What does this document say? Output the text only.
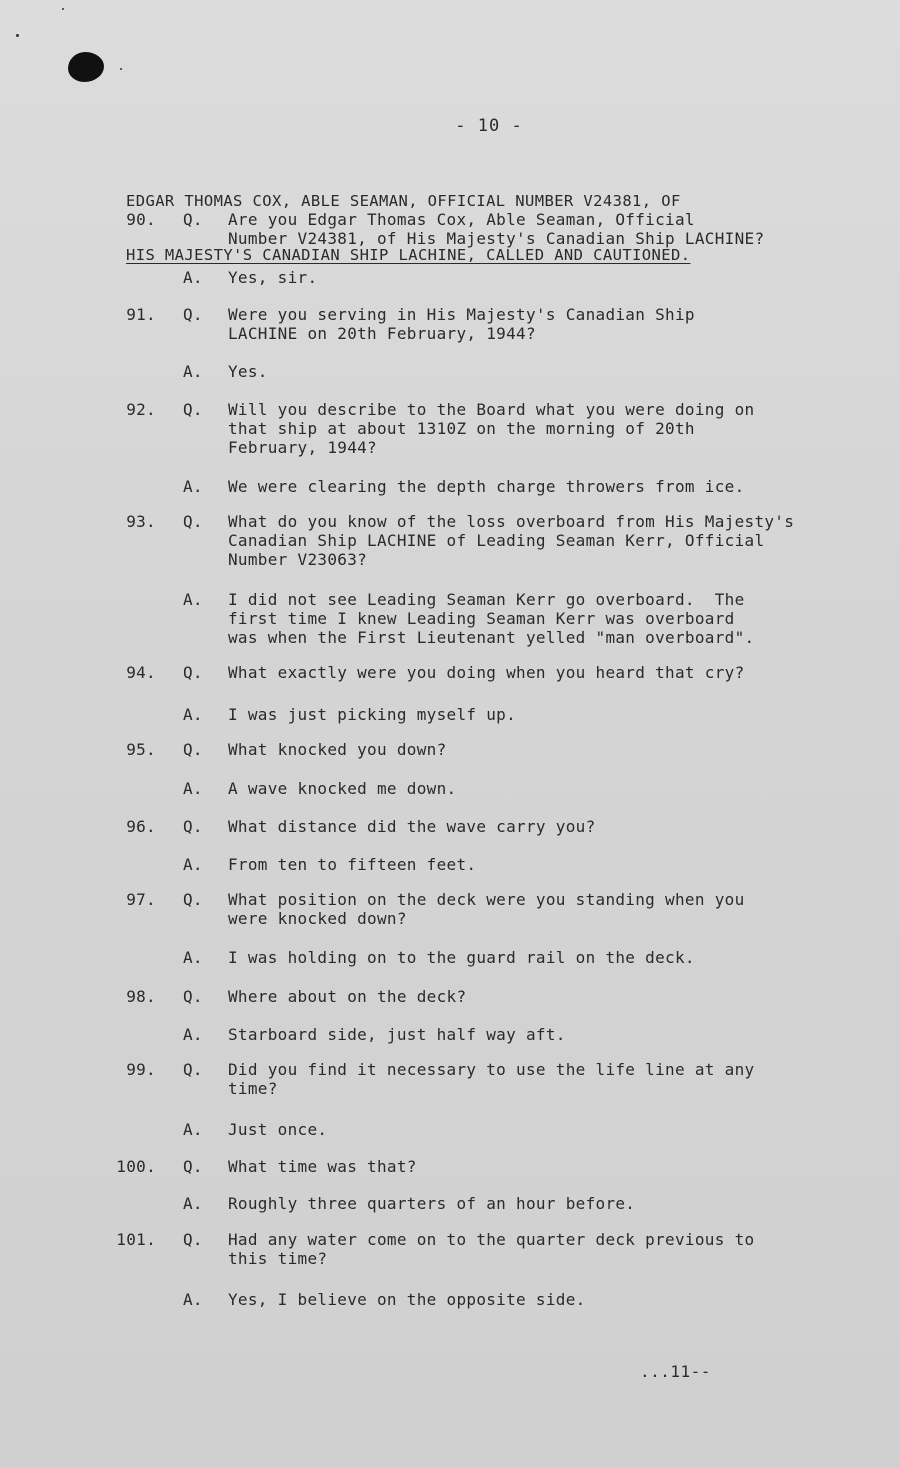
- 10 -

EDGAR THOMAS COX, ABLE SEAMAN, OFFICIAL NUMBER V24381, OF

HIS MAJESTY'S CANADIAN SHIP LACHINE, CALLED AND CAUTIONED.

90. Q. Are you Edgar Thomas Cox, Able Seaman, Official
Number V24381, of His Majesty's Canadian Ship LACHINE?
A. Yes, sir.
91. Q. Were you serving in His Majesty's Canadian Ship
LACHINE on 20th February, 1944?
A. Yes.
92. Q. Will you describe to the Board what you were doing on
that ship at about 1310Z on the morning of 20th
February, 1944?
A. We were clearing the depth charge throwers from ice.
93. Q. What do you know of the loss overboard from His Majesty's
Canadian Ship LACHINE of Leading Seaman Kerr, Official
Number V23063?
A. I did not see Leading Seaman Kerr go overboard.  The
first time I knew Leading Seaman Kerr was overboard
was when the First Lieutenant yelled "man overboard".
94. Q. What exactly were you doing when you heard that cry?
A. I was just picking myself up.
95. Q. What knocked you down?
A. A wave knocked me down.
96. Q. What distance did the wave carry you?
A. From ten to fifteen feet.
97. Q. What position on the deck were you standing when you
were knocked down?
A. I was holding on to the guard rail on the deck.
98. Q. Where about on the deck?
A. Starboard side, just half way aft.
99. Q. Did you find it necessary to use the life line at any
time?
A. Just once.
100. Q. What time was that?
A. Roughly three quarters of an hour before.
101. Q. Had any water come on to the quarter deck previous to
this time?
A. Yes, I believe on the opposite side.
...11--
